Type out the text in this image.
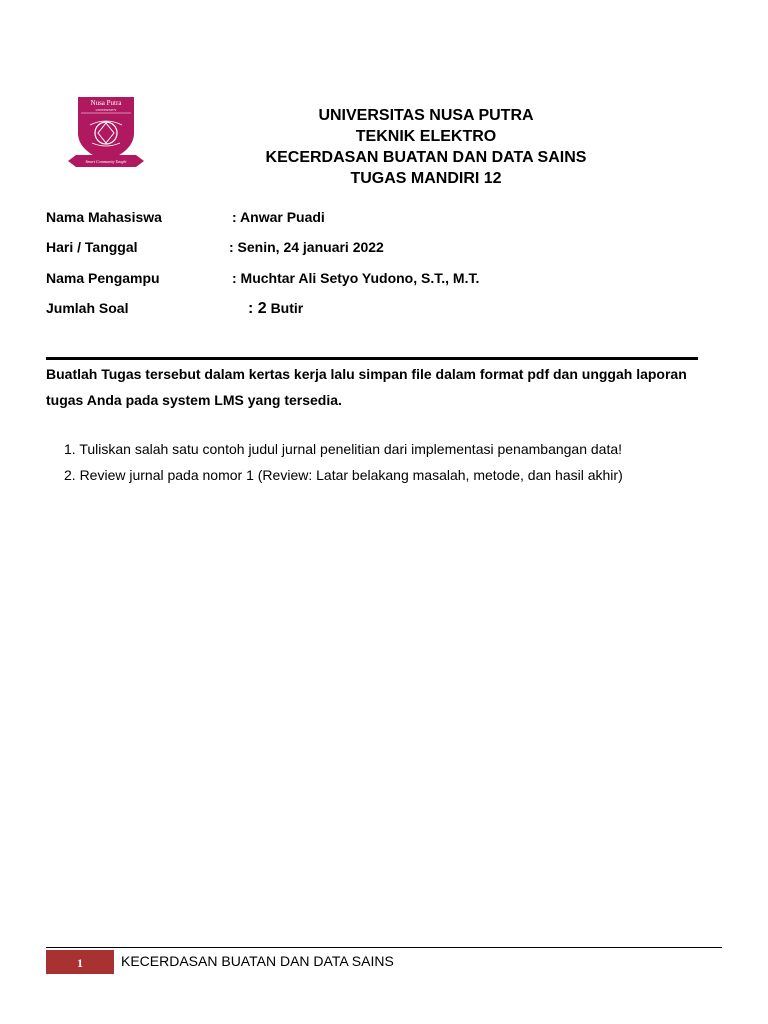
Nusa Putra
UNIVERSITY
Smart Community Taught
UNIVERSITAS NUSA PUTRA
TEKNIK ELEKTRO
KECERDASAN BUATAN DAN DATA SAINS
TUGAS MANDIRI 12
Nama Mahasiswa	: Anwar Puadi
Hari / Tanggal	: Senin, 24 januari 2022
Nama Pengampu	: Muchtar Ali Setyo Yudono, S.T., M.T.
Jumlah Soal	: 2 Butir
Buatlah Tugas tersebut dalam kertas kerja lalu simpan file dalam format pdf dan unggah laporan tugas Anda pada system LMS yang tersedia.
1. Tuliskan salah satu contoh judul jurnal penelitian dari implementasi penambangan data!
2. Review jurnal pada nomor 1 (Review: Latar belakang masalah, metode, dan hasil akhir)
1	KECERDASAN BUATAN DAN DATA SAINS
